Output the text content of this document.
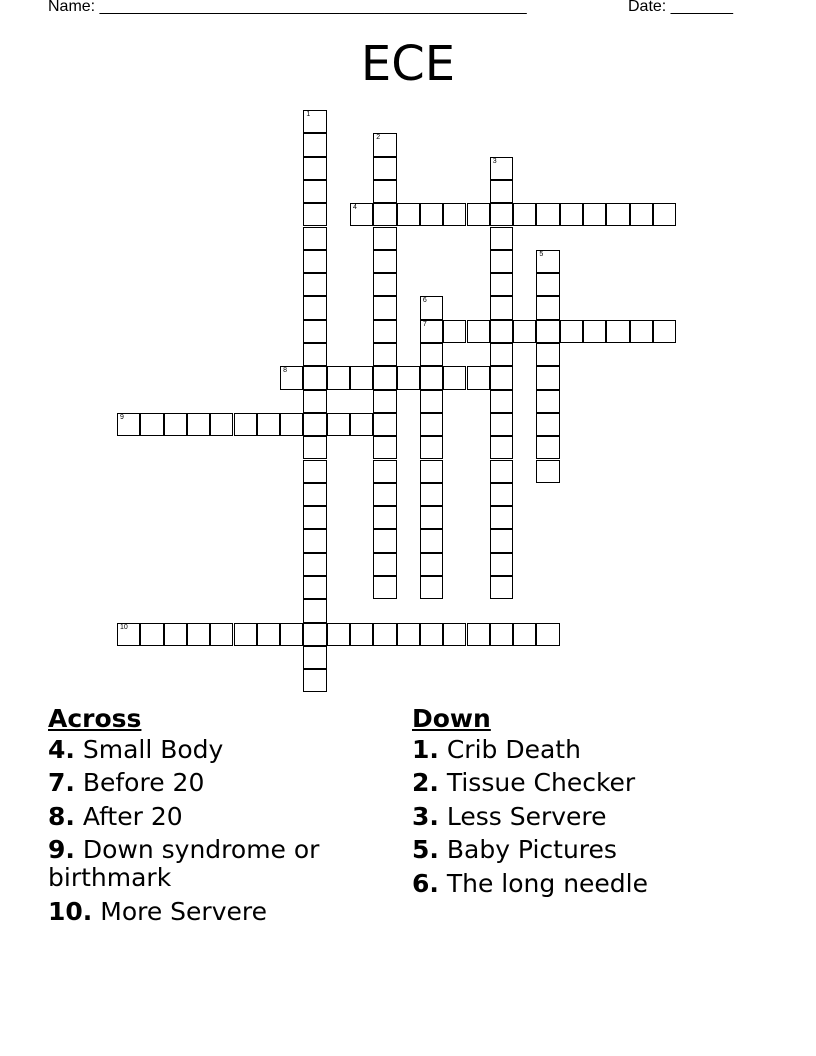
Name: ________________________________________________	Date: _______
ECE
1
2
3
4
5
6
7
8
9
10
Across
4. Small Body
7. Before 20
8. After 20
9. Down syndrome or birthmark
10. More Servere
Down
1. Crib Death
2. Tissue Checker
3. Less Servere
5. Baby Pictures
6. The long needle
